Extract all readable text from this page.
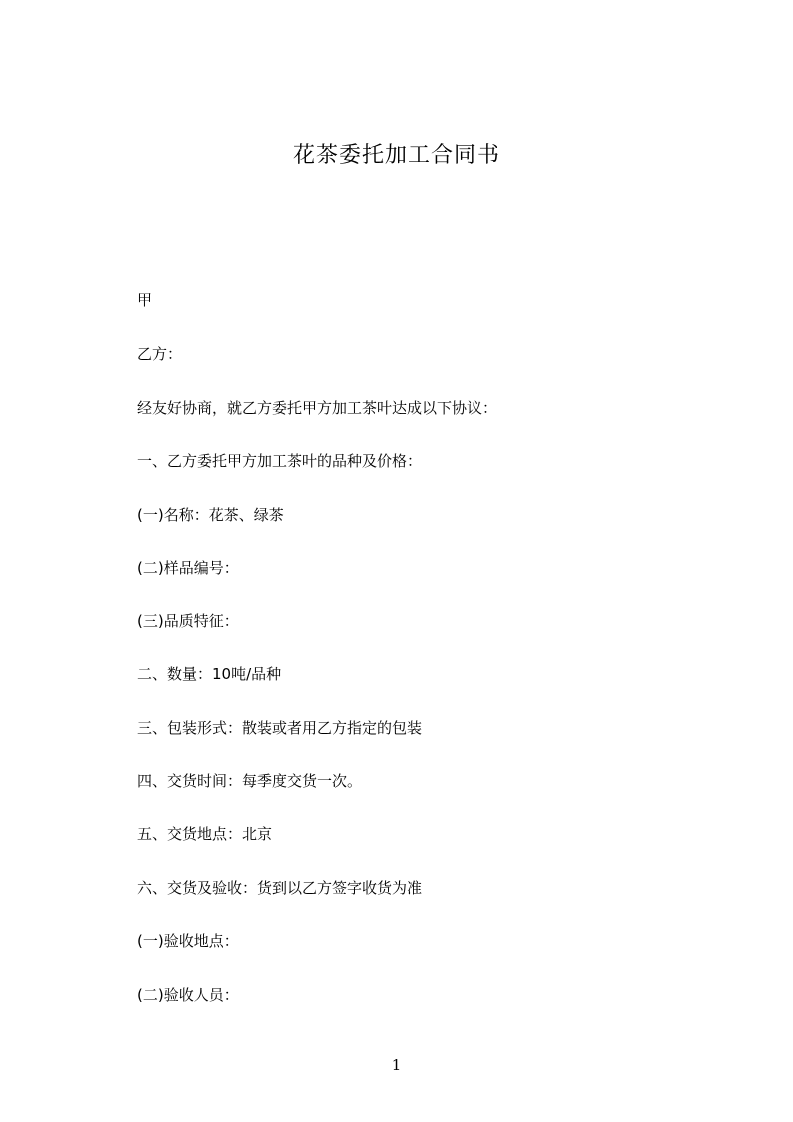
花茶委托加工合同书

甲

乙方：

经友好协商，就乙方委托甲方加工茶叶达成以下协议：

一、乙方委托甲方加工茶叶的品种及价格：

(一)名称：花茶、绿茶

(二)样品编号：

(三)品质特征：

二、数量：10吨/品种

三、包装形式：散装或者用乙方指定的包装

四、交货时间：每季度交货一次。

五、交货地点：北京

六、交货及验收：货到以乙方签字收货为准

(一)验收地点：

(二)验收人员：

1
